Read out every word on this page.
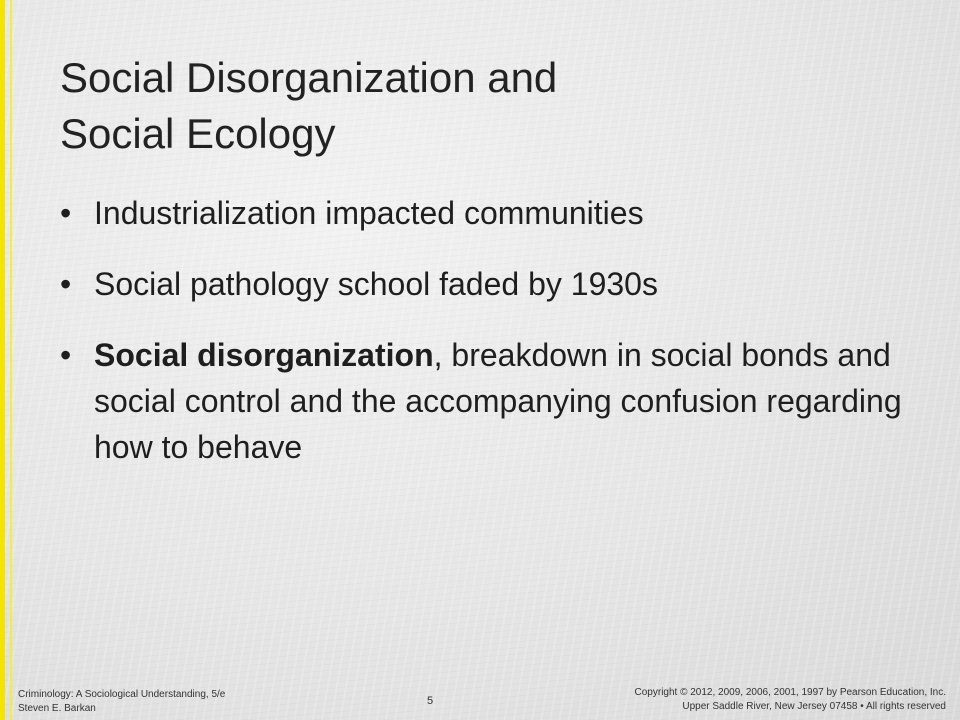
Social Disorganization and
Social Ecology
• Industrialization impacted communities
• Social pathology school faded by 1930s
• Social disorganization, breakdown in social bonds and social control and the accompanying confusion regarding how to behave
Criminology: A Sociological Understanding, 5/e
Steven E. Barkan
5
Copyright © 2012, 2009, 2006, 2001, 1997 by Pearson Education, Inc.
Upper Saddle River, New Jersey 07458 • All rights reserved
